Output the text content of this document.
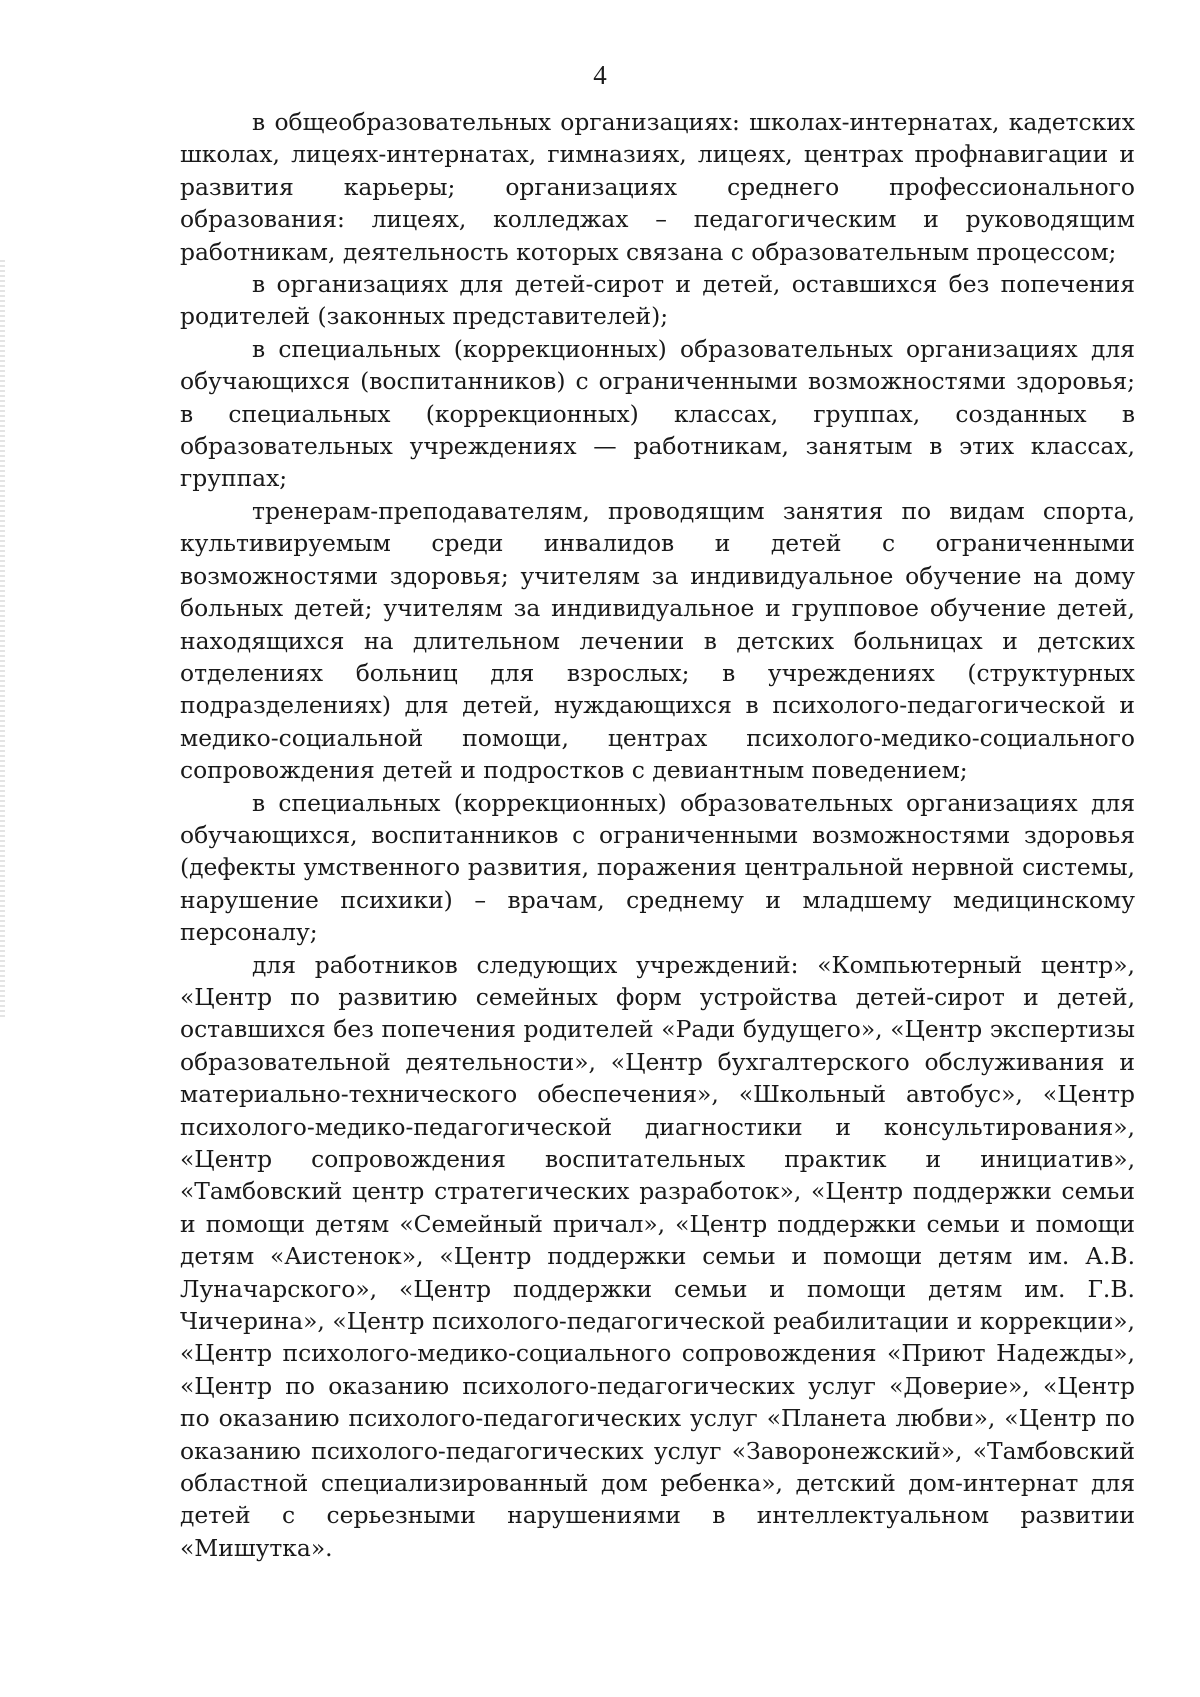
4

в общеобразовательных организациях: школах-интернатах, кадетских школах, лицеях-интернатах, гимназиях, лицеях, центрах профнавигации и развития карьеры; организациях среднего профессионального образования: лицеях, колледжах – педагогическим и руководящим работникам, деятельность которых связана с образовательным процессом;

в организациях для детей-сирот и детей, оставшихся без попечения родителей (законных представителей);

в специальных (коррекционных) образовательных организациях для обучающихся (воспитанников) с ограниченными возможностями здоровья; в специальных (коррекционных) классах, группах, созданных в образовательных учреждениях — работникам, занятым в этих классах, группах;

тренерам-преподавателям, проводящим занятия по видам спорта, культивируемым среди инвалидов и детей с ограниченными возможностями здоровья; учителям за индивидуальное обучение на дому больных детей; учителям за индивидуальное и групповое обучение детей, находящихся на длительном лечении в детских больницах и детских отделениях больниц для взрослых; в учреждениях (структурных подразделениях) для детей, нуждающихся в психолого-педагогической и медико-социальной помощи, центрах психолого-медико-социального сопровождения детей и подростков с девиантным поведением;

в специальных (коррекционных) образовательных организациях для обучающихся, воспитанников с ограниченными возможностями здоровья (дефекты умственного развития, поражения центральной нервной системы, нарушение психики) – врачам, среднему и младшему медицинскому персоналу;

для работников следующих учреждений: «Компьютерный центр», «Центр по развитию семейных форм устройства детей-сирот и детей, оставшихся без попечения родителей «Ради будущего», «Центр экспертизы образовательной деятельности», «Центр бухгалтерского обслуживания и материально-технического обеспечения», «Школьный автобус», «Центр психолого-медико-педагогической диагностики и консультирования», «Центр сопровождения воспитательных практик и инициатив», «Тамбовский центр стратегических разработок», «Центр поддержки семьи и помощи детям «Семейный причал», «Центр поддержки семьи и помощи детям «Аистенок», «Центр поддержки семьи и помощи детям им. А.В. Луначарского», «Центр поддержки семьи и помощи детям им. Г.В. Чичерина», «Центр психолого-педагогической реабилитации и коррекции», «Центр психолого-медико-социального сопровождения «Приют Надежды», «Центр по оказанию психолого-педагогических услуг «Доверие», «Центр по оказанию психолого-педагогических услуг «Планета любви», «Центр по оказанию психолого-педагогических услуг «Заворонежский», «Тамбовский областной специализированный дом ребенка», детский дом-интернат для детей с серьезными нарушениями в интеллектуальном развитии «Мишутка».
